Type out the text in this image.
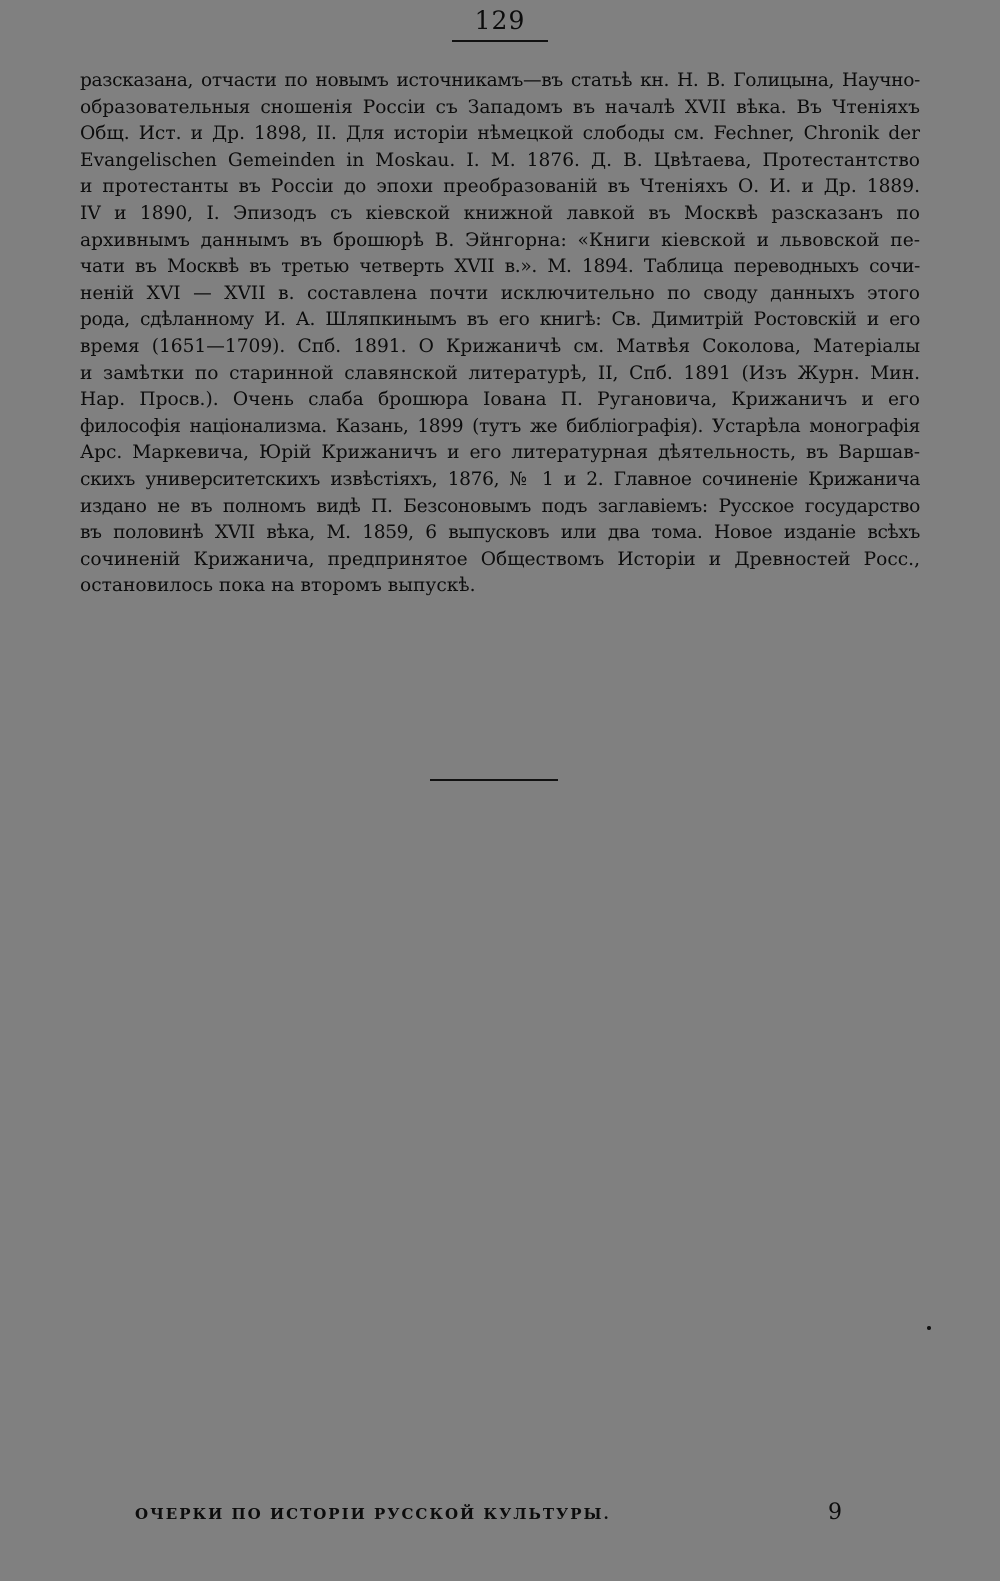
129
разсказана, отчасти по новымъ источникамъ—въ статьѣ кн. Н. В. Голицына, Научно-
образовательныя сношенія Россіи съ Западомъ въ началѣ XVII вѣка. Въ Чтеніяхъ
Общ. Ист. и Др. 1898, II. Для исторіи нѣмецкой слободы см. Fechner, Chronik der
Evangelischen Gemeinden in Moskau. I. M. 1876. Д. В. Цвѣтаева, Протестантство
и протестанты въ Россіи до эпохи преобразованій въ Чтеніяхъ О. И. и Др. 1889.
IV и 1890, I. Эпизодъ съ кіевской книжной лавкой въ Москвѣ разсказанъ по
архивнымъ даннымъ въ брошюрѣ В. Эйнгорна: «Книги кіевской и львовской пе-
чати въ Москвѣ въ третью четверть XVII в.». М. 1894. Таблица переводныхъ сочи-
неній XVI — XVII в. составлена почти исключительно по своду данныхъ этого
рода, сдѣланному И. А. Шляпкинымъ въ его книгѣ: Св. Димитрій Ростовскій и его
время (1651—1709). Спб. 1891. О Крижаничѣ см. Матвѣя Соколова, Матеріалы
и замѣтки по старинной славянской литературѣ, II, Спб. 1891 (Изъ Журн. Мин.
Нар. Просв.). Очень слаба брошюра Іована П. Ругановича, Крижаничъ и его
философія націонализма. Казань, 1899 (тутъ же библіографія). Устарѣла монографія
Арс. Маркевича, Юрій Крижаничъ и его литературная дѣятельность, въ Варшав-
скихъ университетскихъ извѣстіяхъ, 1876, № 1 и 2. Главное сочиненіе Крижанича
издано не въ полномъ видѣ П. Безсоновымъ подъ заглавіемъ: Русское государство
въ половинѣ XVII вѣка, М. 1859, 6 выпусковъ или два тома. Новое изданіе всѣхъ
сочиненій Крижанича, предпринятое Обществомъ Исторіи и Древностей Росс.,
остановилось пока на второмъ выпускѣ.
ОЧЕРКИ ПО ИСТОРІИ РУССКОЙ КУЛЬТУРЫ.	9
